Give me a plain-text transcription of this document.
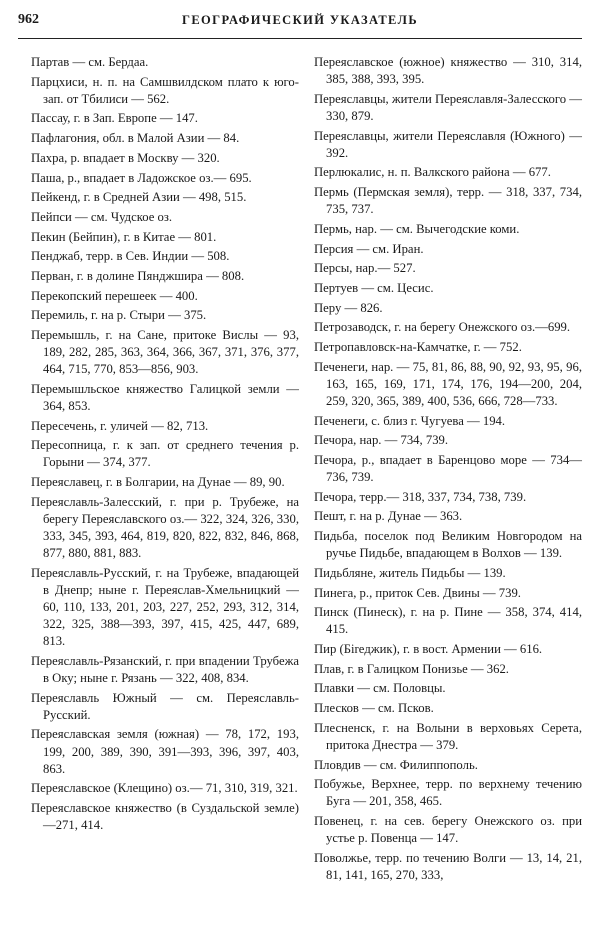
962	ГЕОГРАФИЧЕСКИЙ УКАЗАТЕЛЬ

Партав — см. Бердаа.

Парцхиси, н. п. на Самшвилдском плато к юго-зап. от Тбилиси — 562.

Пассау, г. в Зап. Европе — 147.

Пафлагония, обл. в Малой Азии — 84.

Пахра, р. впадает в Москву — 320.

Паша, р., впадает в Ладожское оз.— 695.

Пейкенд, г. в Средней Азии — 498, 515.

Пейпси — см. Чудское оз.

Пекин (Бейпин), г. в Китае — 801.

Пенджаб, терр. в Сев. Индии — 508.

Перван, г. в долине Пянджшира — 808.

Перекопский перешеек — 400.

Перемиль, г. на р. Стыри — 375.

Перемышль, г. на Сане, притоке Вислы — 93, 189, 282, 285, 363, 364, 366, 367, 371, 376, 377, 464, 715, 770, 853—856, 903.

Перемышльское княжество Галицкой земли — 364, 853.

Пересечень, г. уличей — 82, 713.

Пересопница, г. к зап. от среднего течения р. Горыни — 374, 377.

Переяславец, г. в Болгарии, на Дунае — 89, 90.

Переяславль-Залесский, г. при р. Трубеже, на берегу Переяславского оз.— 322, 324, 326, 330, 333, 345, 393, 464, 819, 820, 822, 832, 846, 868, 877, 880, 881, 883.

Переяславль-Русский, г. на Трубеже, впадающей в Днепр; ныне г. Переяслав-Хмельницкий — 60, 110, 133, 201, 203, 227, 252, 293, 312, 314, 322, 325, 388—393, 397, 415, 425, 447, 689, 813.

Переяславль-Рязанский, г. при впадении Трубежа в Оку; ныне г. Рязань — 322, 408, 834.

Переяславль Южный — см. Переяславль-Русский.

Переяславская земля (южная) — 78, 172, 193, 199, 200, 389, 390, 391—393, 396, 397, 403, 863.

Переяславское (Клещино) оз.— 71, 310, 319, 321.

Переяславское княжество (в Суздальской земле)—271, 414.

Переяславское (южное) княжество — 310, 314, 385, 388, 393, 395.

Переяславцы, жители Переяславля-Залесского — 330, 879.

Переяславцы, жители Переяславля (Южного) — 392.

Перлюкалис, н. п. Валкского района — 677.

Пермь (Пермская земля), терр. — 318, 337, 734, 735, 737.

Пермь, нар. — см. Вычегодские коми.

Персия — см. Иран.

Персы, нар.— 527.

Пертуев — см. Цесис.

Перу — 826.

Петрозаводск, г. на берегу Онежского оз.—699.

Петропавловск-на-Камчатке, г. — 752.

Печенеги, нар. — 75, 81, 86, 88, 90, 92, 93, 95, 96, 163, 165, 169, 171, 174, 176, 194—200, 204, 259, 320, 365, 389, 400, 536, 666, 728—733.

Печенеги, с. близ г. Чугуева — 194.

Печора, нар. — 734, 739.

Печора, р., впадает в Баренцово море — 734—736, 739.

Печора, терр.— 318, 337, 734, 738, 739.

Пешт, г. на р. Дунае — 363.

Пидьба, поселок под Великим Новгородом на ручье Пидьбе, впадающем в Волхов — 139.

Пидьбляне, житель Пидьбы — 139.

Пинега, р., приток Сев. Двины — 739.

Пинск (Пинеск), г. на р. Пине — 358, 374, 414, 415.

Пир (Бireджик), г. в вост. Армении — 616.

Плав, г. в Галицком Понизье — 362.

Плавки — см. Половцы.

Плесков — см. Псков.

Плесненск, г. на Волыни в верховьях Серета, притока Днестра — 379.

Пловдив — см. Филиппополь.

Побужье, Верхнее, терр. по верхнему течению Буга — 201, 358, 465.

Повенец, г. на сев. берегу Онежского оз. при устье р. Повенца — 147.

Поволжье, терр. по течению Волги — 13, 14, 21, 81, 141, 165, 270, 333,
